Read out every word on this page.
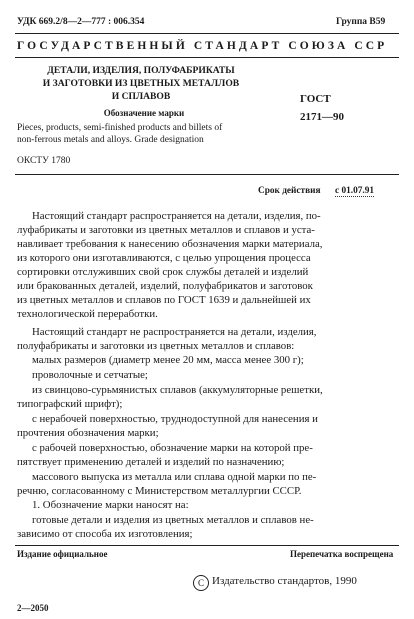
УДК 669.2/8—2—777 : 006.354	Группа В59
ГОСУДАРСТВЕННЫЙ СТАНДАРТ СОЮЗА ССР
ДЕТАЛИ, ИЗДЕЛИЯ, ПОЛУФАБРИКАТЫ
И ЗАГОТОВКИ ИЗ ЦВЕТНЫХ МЕТАЛЛОВ
И СПЛАВОВ
Обозначение марки
ГОСТ
2171—90
Pieces, products, semi-finished products and billets of
non-ferrous metals and alloys. Grade designation
ОКСТУ 1780
Срок действия с 01.07.91
Настоящий стандарт распространяется на детали, изделия, по-
луфабрикаты и заготовки из цветных металлов и сплавов и уста-
навливает требования к нанесению обозначения марки материала,
из которого они изготавливаются, с целью упрощения процесса
сортировки отслуживших свой срок службы деталей и изделий
или бракованных деталей, изделий, полуфабрикатов и заготовок
из цветных металлов и сплавов по ГОСТ 1639 и дальнейшей их
технологической переработки.
Настоящий стандарт не распространяется на детали, изделия,
полуфабрикаты и заготовки из цветных металлов и сплавов:
малых размеров (диаметр менее 20 мм, масса менее 300 г);
проволочные и сетчатые;
из свинцово-сурьмянистых сплавов (аккумуляторные решетки,
типографский шрифт);
с нерабочей поверхностью, труднодоступной для нанесения и
прочтения обозначения марки;
с рабочей поверхностью, обозначение марки на которой пре-
пятствует применению деталей и изделий по назначению;
массового выпуска из металла или сплава одной марки по пе-
речню, согласованному с Министерством металлургии СССР.
1. Обозначение марки наносят на:
готовые детали и изделия из цветных металлов и сплавов не-
зависимо от способа их изготовления;
Издание официальное	Перепечатка воспрещена
C Издательство стандартов, 1990
2—2050
